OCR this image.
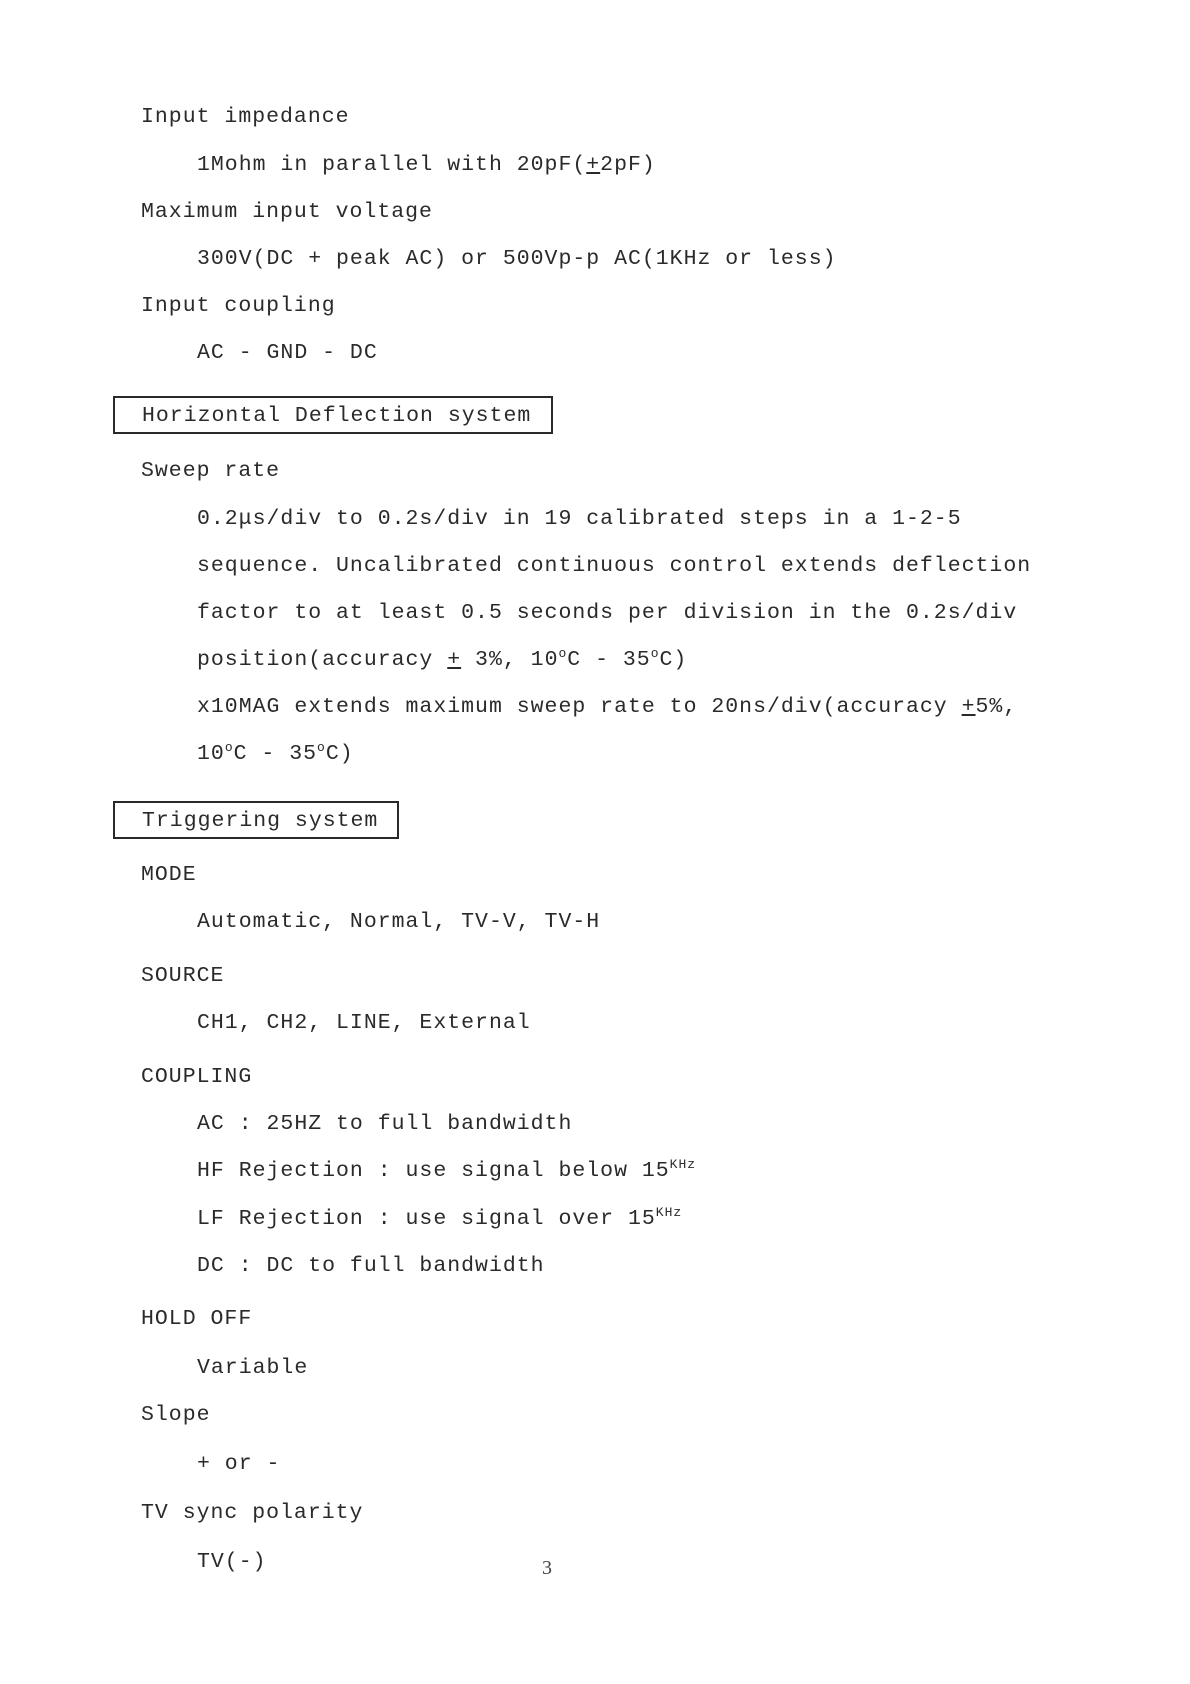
Input impedance
1Mohm in parallel with 20pF(+2pF)
Maximum input voltage
300V(DC + peak AC) or 500Vp-p AC(1KHz or less)
Input coupling
AC - GND - DC
Horizontal Deflection system
Sweep rate
0.2μs/div to 0.2s/div in 19 calibrated steps in a 1-2-5
sequence. Uncalibrated continuous control extends deflection
factor to at least 0.5 seconds per division in the 0.2s/div
position(accuracy + 3%, 10$^o$C - 35$^o$C)
x10MAG extends maximum sweep rate to 20ns/div(accuracy +5%,
10$^o$C - 35$^o$C)
Triggering system
MODE
Automatic, Normal, TV-V, TV-H
SOURCE
CH1, CH2, LINE, External
COUPLING
AC : 25HZ to full bandwidth
HF Rejection : use signal below $15^{KHz}$
LF Rejection : use signal over $15^{KHz}$
DC : DC to full bandwidth
HOLD OFF
Variable
Slope
+ or -
TV sync polarity
TV(-)	3
